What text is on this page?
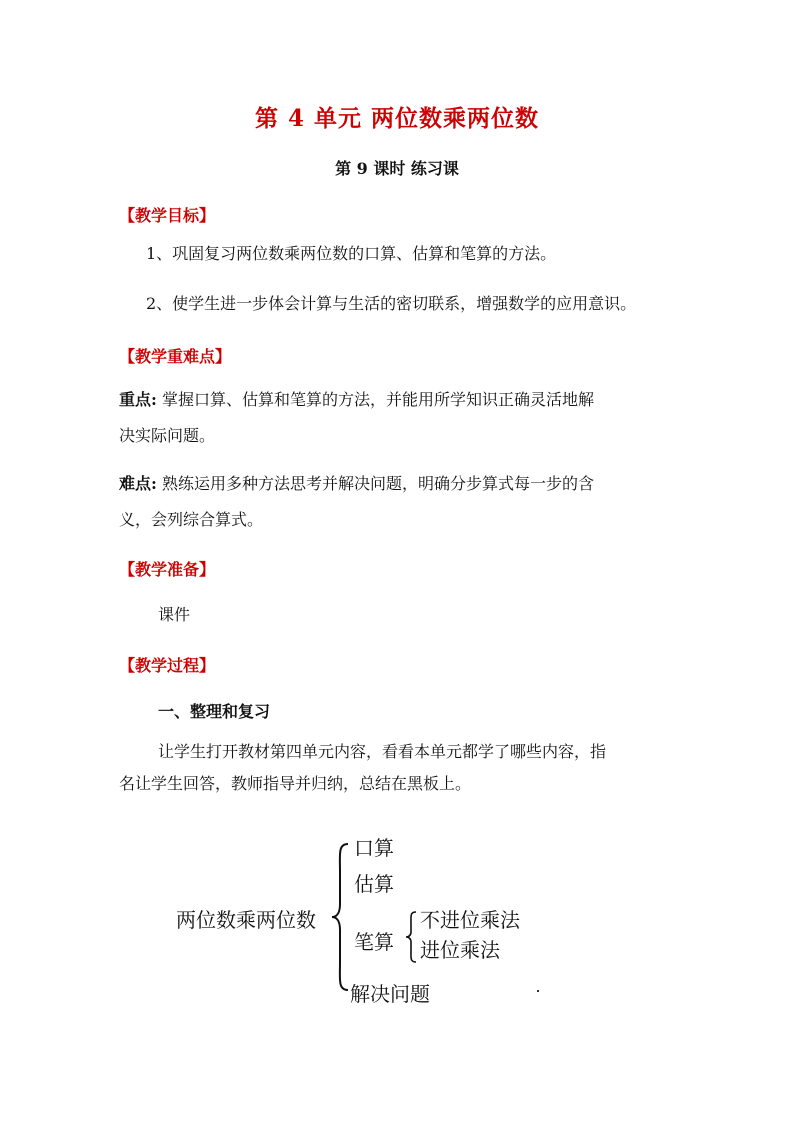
第 4 单元 两位数乘两位数
第 9 课时 练习课
【教学目标】
1、巩固复习两位数乘两位数的口算、估算和笔算的方法。
2、使学生进一步体会计算与生活的密切联系，增强数学的应用意识。
【教学重难点】
重点: 掌握口算、估算和笔算的方法，并能用所学知识正确灵活地解
决实际问题。
难点: 熟练运用多种方法思考并解决问题，明确分步算式每一步的含
义，会列综合算式。
【教学准备】
课件
【教学过程】
一、整理和复习
让学生打开教材第四单元内容，看看本单元都学了哪些内容，指
名让学生回答，教师指导并归纳，总结在黑板上。
两位数乘两位数
口算
估算
笔算
解决问题
不进位乘法
进位乘法
